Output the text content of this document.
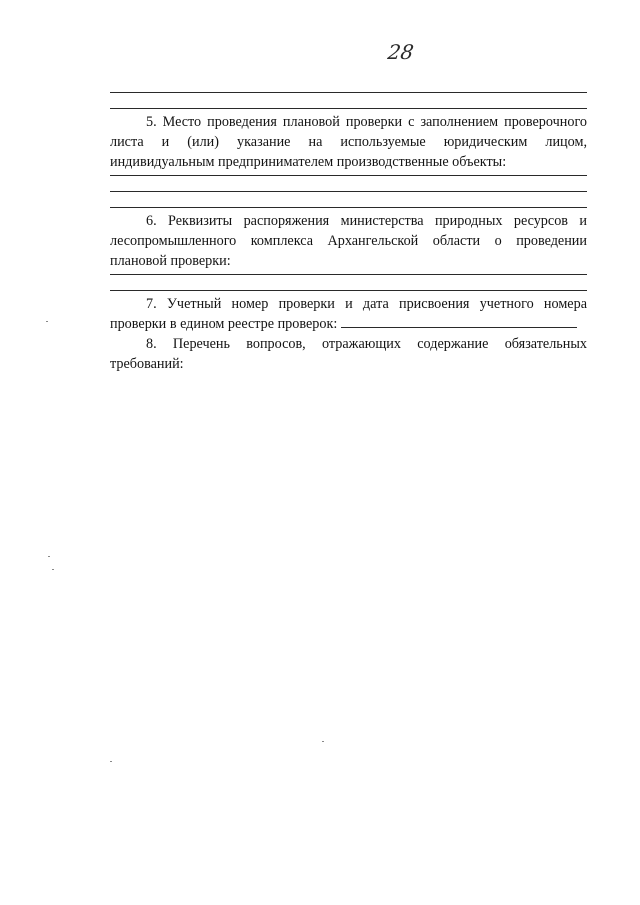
28
5. Место проведения плановой проверки с заполнением проверочного
листа и (или) указание на используемые юридическим лицом,
индивидуальным предпринимателем производственные объекты:
6. Реквизиты распоряжения министерства природных ресурсов и
лесопромышленного комплекса Архангельской области о проведении
плановой проверки:
7. Учетный номер проверки и дата присвоения учетного номера
проверки в едином реестре проверок:
8. Перечень вопросов, отражающих содержание обязательных
требований:
